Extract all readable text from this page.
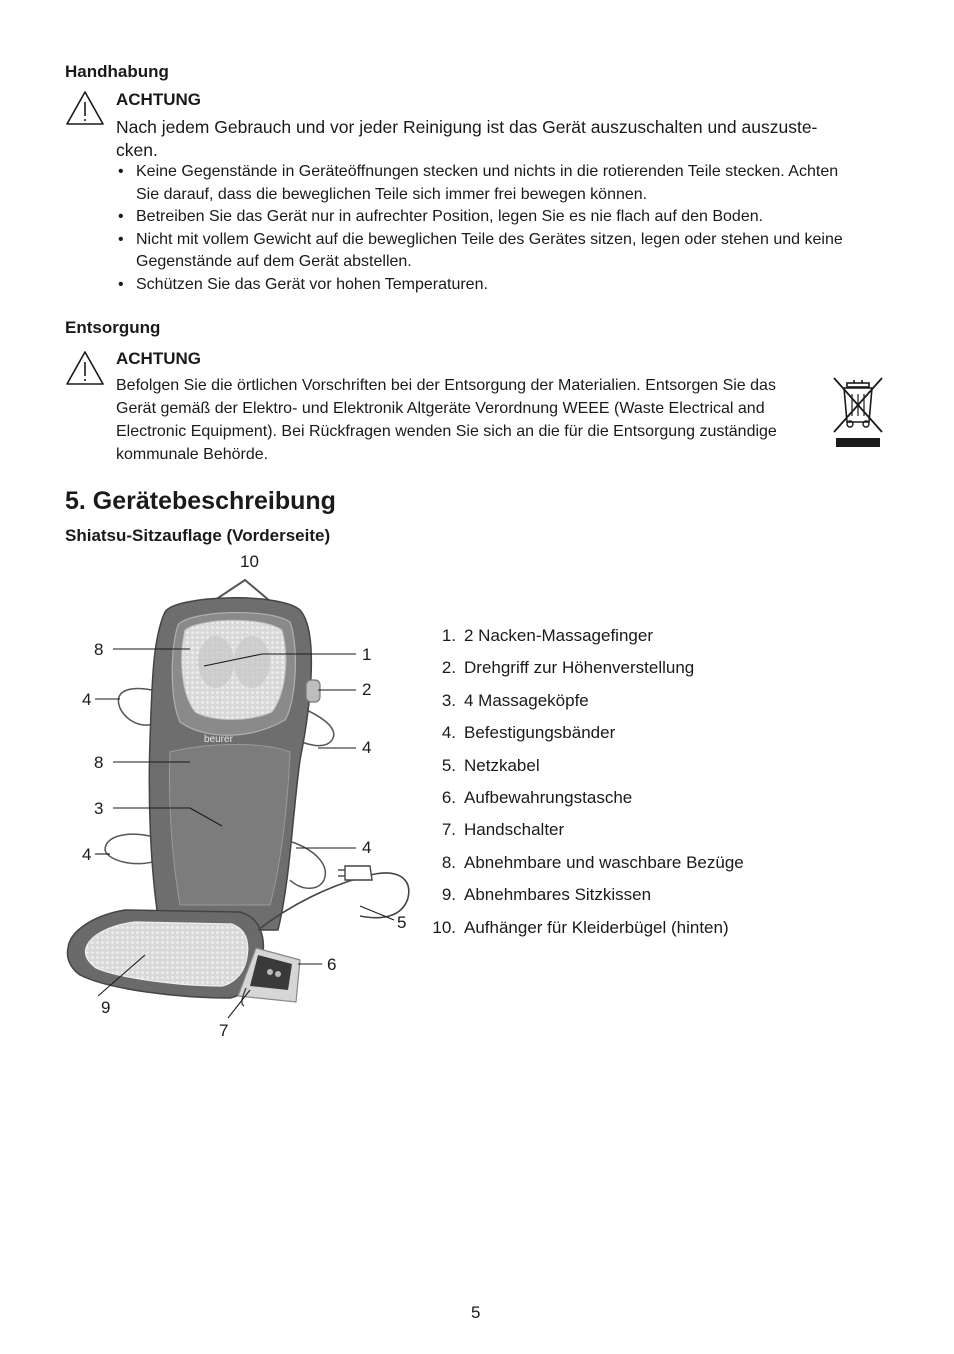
Handhabung
ACHTUNG
Nach jedem Gebrauch und vor jeder Reinigung ist das Gerät auszuschalten und auszuste-
cken.
• Keine Gegenstände in Geräteöffnungen stecken und nichts in die rotierenden Teile stecken. Achten
Sie darauf, dass die beweglichen Teile sich immer frei bewegen können.
• Betreiben Sie das Gerät nur in aufrechter Position, legen Sie es nie flach auf den Boden.
• Nicht mit vollem Gewicht auf die beweglichen Teile des Gerätes sitzen, legen oder stehen und keine
Gegenstände auf dem Gerät abstellen.
• Schützen Sie das Gerät vor hohen Temperaturen.
Entsorgung
ACHTUNG
Befolgen Sie die örtlichen Vorschriften bei der Entsorgung der Materialien. Entsorgen Sie das
Gerät gemäß der Elektro- und Elektronik Altgeräte Verordnung WEEE (Waste Electrical and
Electronic Equipment). Bei Rückfragen wenden Sie sich an die für die Entsorgung zuständige
kommunale Behörde.
5. Gerätebeschreibung
Shiatsu-Sitzauflage (Vorderseite)
beurer
10
8	1
4
2
8
4
3
4	4
5
6
9
7
1. 2 Nacken-Massagefinger
2. Drehgriff zur Höhenverstellung
3. 4 Massageköpfe
4. Befestigungsbänder
5. Netzkabel
6. Aufbewahrungstasche
7. Handschalter
8. Abnehmbare und waschbare Bezüge
9. Abnehmbares Sitzkissen
10. Aufhänger für Kleiderbügel (hinten)
5
